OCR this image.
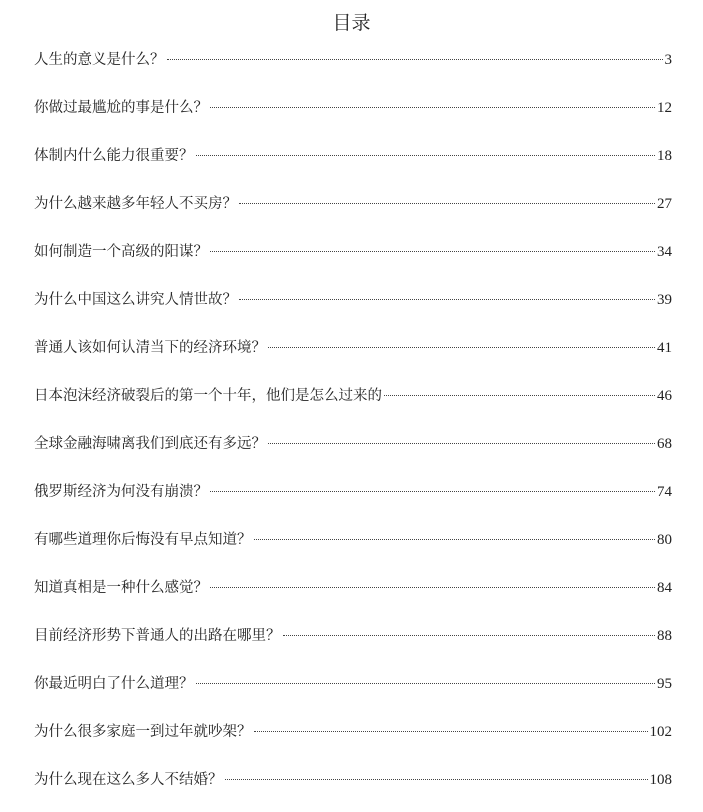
目录
人生的意义是什么？	3
你做过最尴尬的事是什么？	12
体制内什么能力很重要？	18
为什么越来越多年轻人不买房？	27
如何制造一个高级的阳谋？	34
为什么中国这么讲究人情世故？	39
普通人该如何认清当下的经济环境？	41
日本泡沫经济破裂后的第一个十年，他们是怎么过来的	46
全球金融海啸离我们到底还有多远？	68
俄罗斯经济为何没有崩溃？	74
有哪些道理你后悔没有早点知道？	80
知道真相是一种什么感觉？	84
目前经济形势下普通人的出路在哪里？	88
你最近明白了什么道理？	95
为什么很多家庭一到过年就吵架？	102
为什么现在这么多人不结婚？	108
